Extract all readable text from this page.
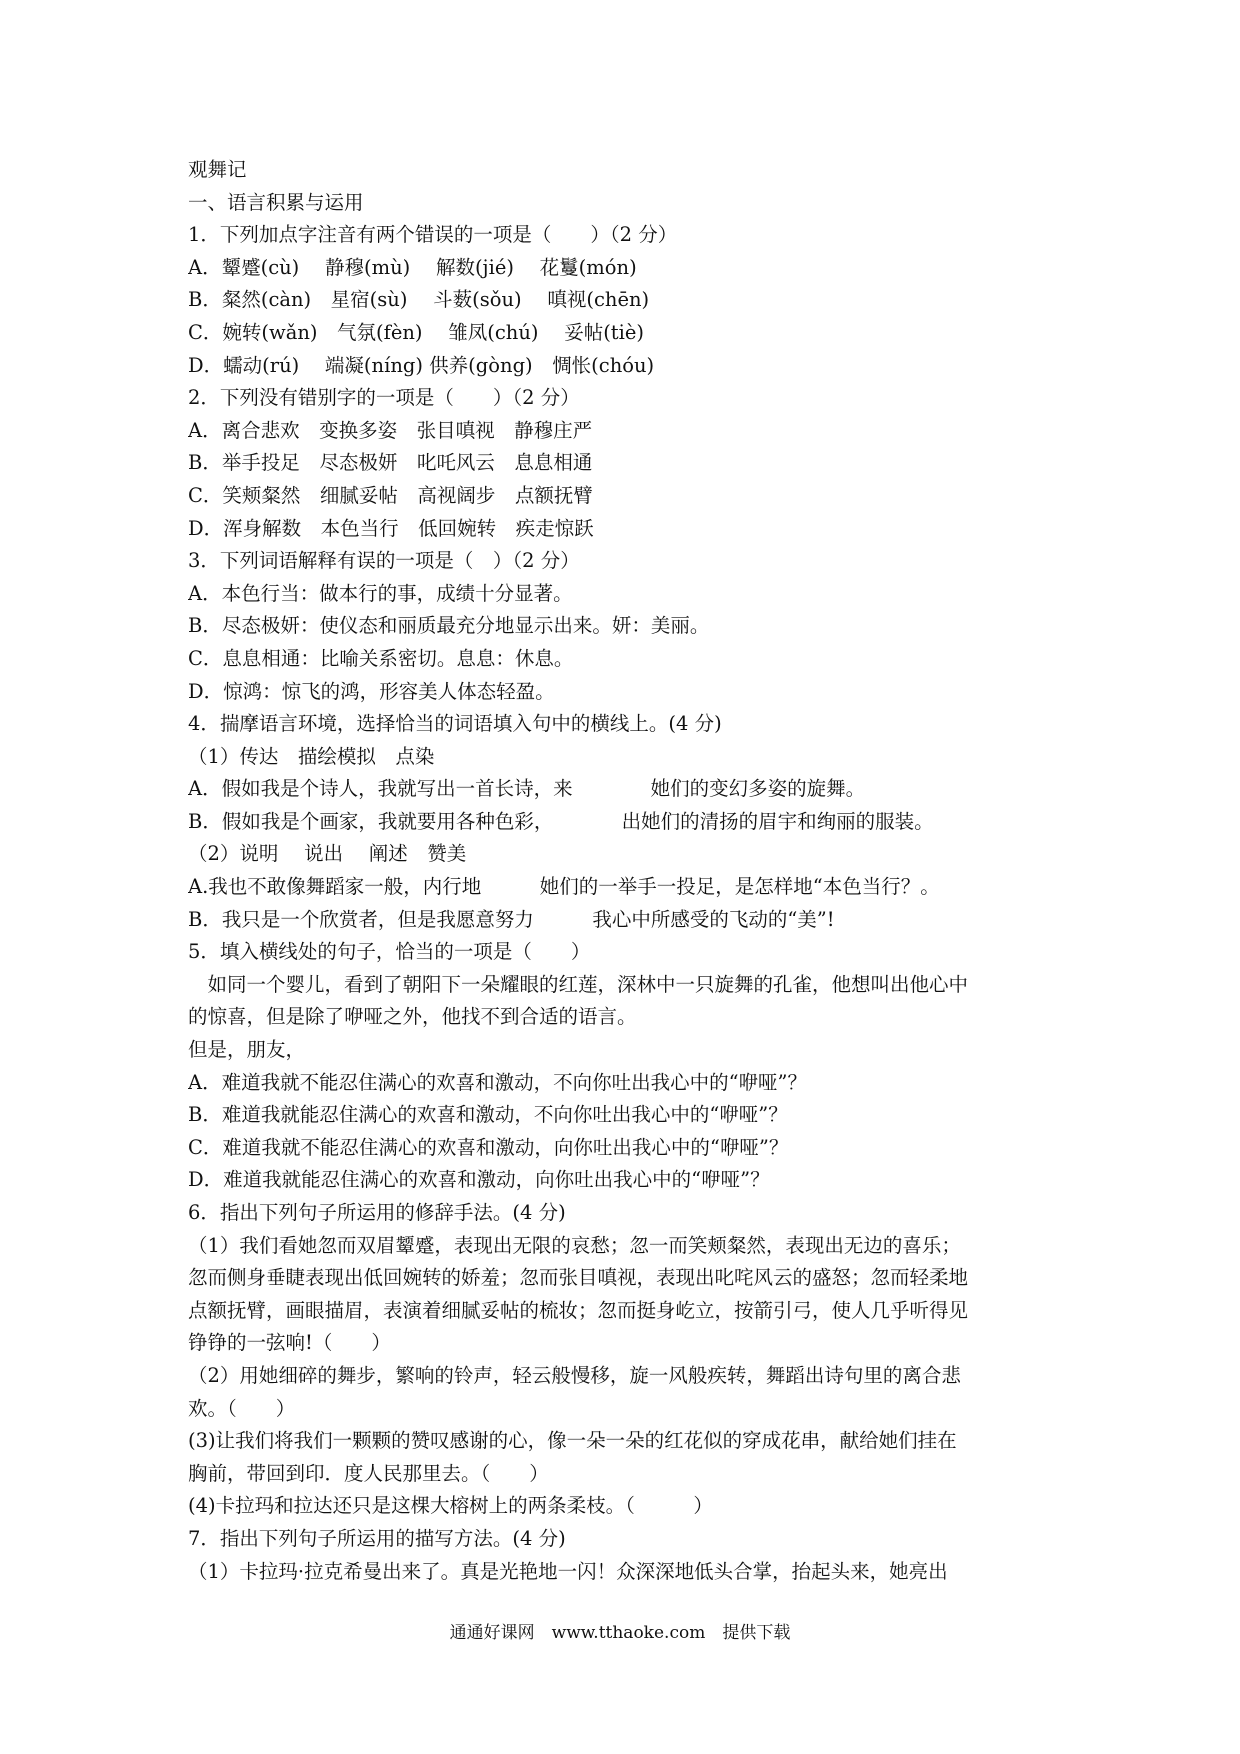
观舞记
一、语言积累与运用
1．下列加点字注音有两个错误的一项是（　　）（2 分）
A．颦蹙(cù)　 静穆(mù)　 解数(jié)　 花鬘(món)
B．粲然(càn)　星宿(sù)　 斗薮(sǒu)　 嗔视(chēn)
C．婉转(wǎn)　气氛(fèn)　 雏凤(chú)　 妥帖(tiè)
D．蠕动(rú)　 端凝(níng) 供养(gòng)　惆怅(chóu)
2．下列没有错别字的一项是（　　）（2 分）
A．离合悲欢　变换多姿　张目嗔视　静穆庄严
B．举手投足　尽态极妍　叱吒风云　息息相通
C．笑颊粲然　细腻妥帖　高视阔步　点额抚臂
D．浑身解数　本色当行　低回婉转　疾走惊跃
3．下列词语解释有误的一项是（　）（2 分）
A．本色行当：做本行的事，成绩十分显著。
B．尽态极妍：使仪态和丽质最充分地显示出来。妍：美丽。
C．息息相通：比喻关系密切。息息：休息。
D．惊鸿：惊飞的鸿，形容美人体态轻盈。
4．揣摩语言环境，选择恰当的词语填入句中的横线上。(4 分)
（1）传达　描绘模拟　点染
A．假如我是个诗人，我就写出一首长诗，来　　　　她们的变幻多姿的旋舞。
B．假如我是个画家，我就要用各种色彩，　　　　出她们的清扬的眉宇和绚丽的服装。
（2）说明　 说出　 阐述　赞美
A.我也不敢像舞蹈家一般，内行地　　　她们的一举手一投足，是怎样地“本色当行？。
B．我只是一个欣赏者，但是我愿意努力　　　我心中所感受的飞动的“美”!
5．填入横线处的句子，恰当的一项是（　　）
　如同一个婴儿，看到了朝阳下一朵耀眼的红莲，深林中一只旋舞的孔雀，他想叫出他心中
的惊喜，但是除了咿哑之外，他找不到合适的语言。
但是，朋友，
A．难道我就不能忍住满心的欢喜和激动，不向你吐出我心中的“咿哑”？
B．难道我就能忍住满心的欢喜和激动，不向你吐出我心中的“咿哑”？
C．难道我就不能忍住满心的欢喜和激动，向你吐出我心中的“咿哑”？
D．难道我就能忍住满心的欢喜和激动，向你吐出我心中的“咿哑”？
6．指出下列句子所运用的修辞手法。(4 分)
（1）我们看她忽而双眉颦蹙，表现出无限的哀愁；忽一而笑颊粲然，表现出无边的喜乐；
忽而侧身垂睫表现出低回婉转的娇羞；忽而张目嗔视，表现出叱咤风云的盛怒；忽而轻柔地
点额抚臂，画眼描眉，表演着细腻妥帖的梳妆；忽而挺身屹立，按箭引弓，使人几乎听得见
铮铮的一弦响!（　　）
（2）用她细碎的舞步，繁响的铃声，轻云般慢移，旋一风般疾转，舞蹈出诗句里的离合悲
欢。（　　）
(3)让我们将我们一颗颗的赞叹感谢的心，像一朵一朵的红花似的穿成花串，献给她们挂在
胸前，带回到印．度人民那里去。（　　）
(4)卡拉玛和拉达还只是这棵大榕树上的两条柔枝。（　　　）
7．指出下列句子所运用的描写方法。(4 分)
（1）卡拉玛·拉克希曼出来了。真是光艳地一闪！众深深地低头合掌，抬起头来，她亮出
通通好课网　www.tthaoke.com　提供下载
